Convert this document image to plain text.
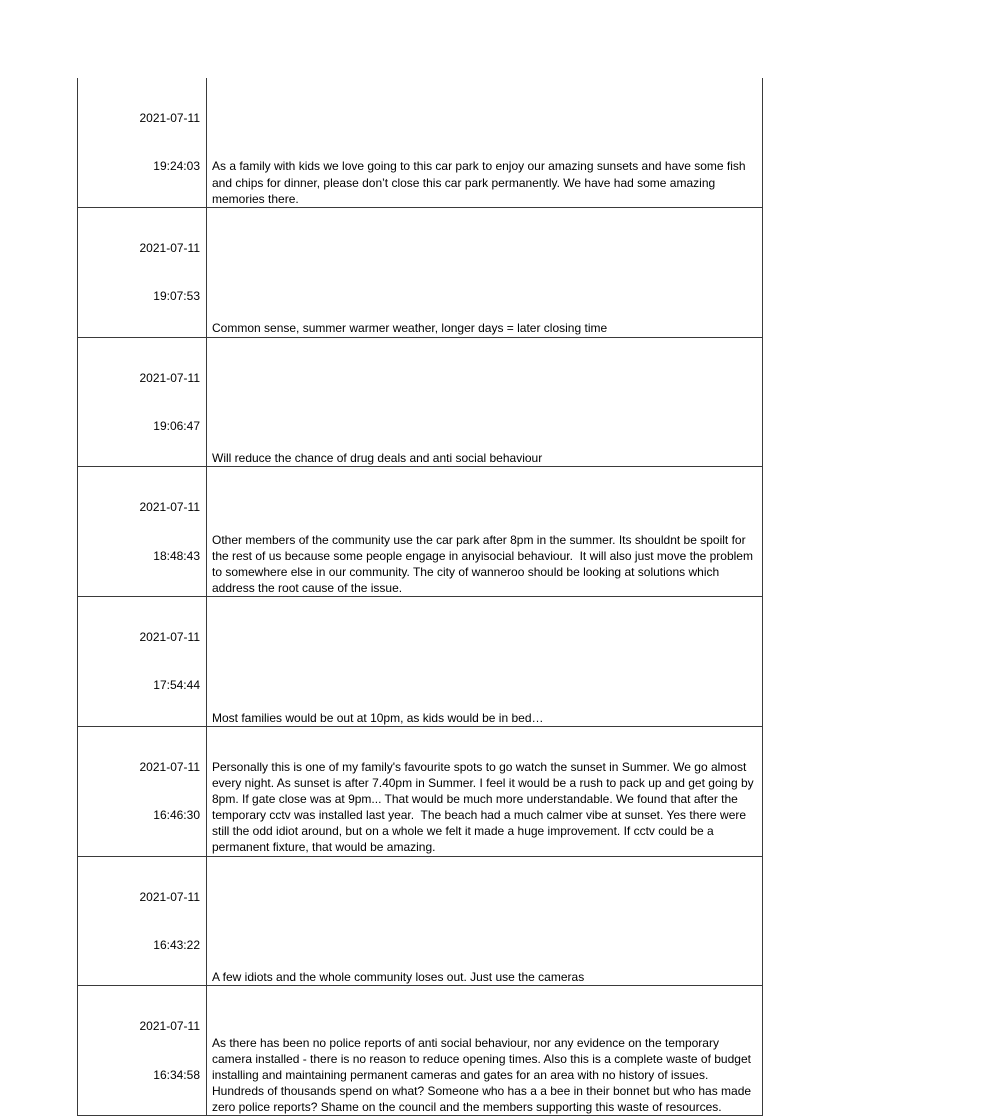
2021-07-11

19:24:03	As a family with kids we love going to this car park to enjoy our amazing sunsets and have some fish and chips for dinner, please don’t close this car park permanently. We have had some amazing memories there.

2021-07-11

19:07:53	Common sense, summer warmer weather, longer days = later closing time

2021-07-11

19:06:47	Will reduce the chance of drug deals and anti social behaviour

2021-07-11

18:48:43	Other members of the community use the car park after 8pm in the summer. Its shouldnt be spoilt for the rest of us because some people engage in anyisocial behaviour.  It will also just move the problem to somewhere else in our community. The city of wanneroo should be looking at solutions which address the root cause of the issue.

2021-07-11

17:54:44	Most families would be out at 10pm, as kids would be in bed…

2021-07-11

16:46:30	Personally this is one of my family's favourite spots to go watch the sunset in Summer. We go almost every night. As sunset is after 7.40pm in Summer. I feel it would be a rush to pack up and get going by 8pm. If gate close was at 9pm... That would be much more understandable. We found that after the temporary cctv was installed last year.  The beach had a much calmer vibe at sunset. Yes there were still the odd idiot around, but on a whole we felt it made a huge improvement. If cctv could be a permanent fixture, that would be amazing.

2021-07-11

16:43:22	A few idiots and the whole community loses out. Just use the cameras

2021-07-11

16:34:58	As there has been no police reports of anti social behaviour, nor any evidence on the temporary camera installed - there is no reason to reduce opening times. Also this is a complete waste of budget installing and maintaining permanent cameras and gates for an area with no history of issues. Hundreds of thousands spend on what? Someone who has a a bee in their bonnet but who has made zero police reports? Shame on the council and the members supporting this waste of resources.
